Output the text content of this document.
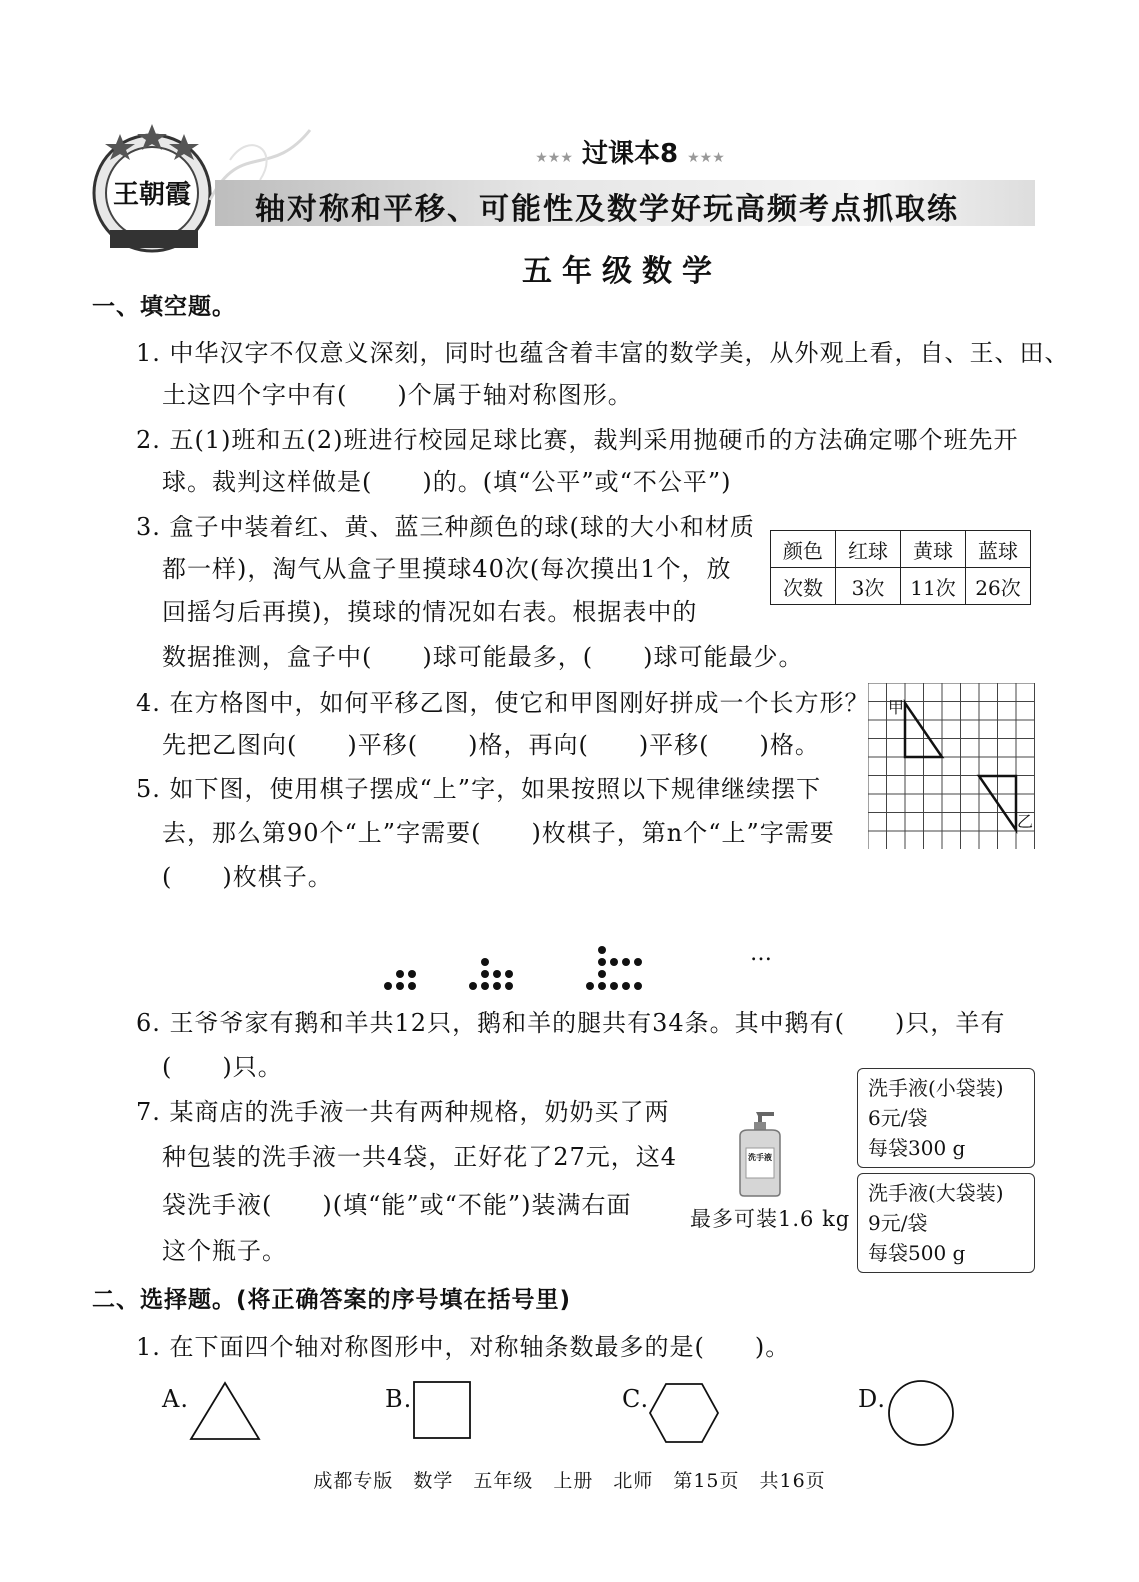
王朝霞
★★★ 过课本8 ★★★
轴对称和平移、可能性及数学好玩高频考点抓取练
五年级数学
一、填空题。
1. 中华汉字不仅意义深刻，同时也蕴含着丰富的数学美，从外观上看，自、王、田、
土这四个字中有(　　)个属于轴对称图形。
2. 五(1)班和五(2)班进行校园足球比赛，裁判采用抛硬币的方法确定哪个班先开
球。裁判这样做是(　　)的。(填“公平”或“不公平”)
3. 盒子中装着红、黄、蓝三种颜色的球(球的大小和材质
都一样)，淘气从盒子里摸球40次(每次摸出1个，放
回摇匀后再摸)，摸球的情况如右表。根据表中的
数据推测，盒子中(　　)球可能最多，(　　)球可能最少。
颜色	红球	黄球	蓝球
次数	3次	11次	26次
4. 在方格图中，如何平移乙图，使它和甲图刚好拼成一个长方形？
先把乙图向(　　)平移(　　)格，再向(　　)平移(　　)格。
甲
乙
5. 如下图，使用棋子摆成“上”字，如果按照以下规律继续摆下
去，那么第90个“上”字需要(　　)枚棋子，第n个“上”字需要
(　　)枚棋子。
…
6. 王爷爷家有鹅和羊共12只，鹅和羊的腿共有34条。其中鹅有(　　)只，羊有
(　　)只。
7. 某商店的洗手液一共有两种规格，奶奶买了两
种包装的洗手液一共4袋，正好花了27元，这4
袋洗手液(　　)(填“能”或“不能”)装满右面
这个瓶子。
洗手液
最多可装1.6 kg
洗手液(小袋装)
6元/袋
每袋300 g
洗手液(大袋装)
9元/袋
每袋500 g
二、选择题。(将正确答案的序号填在括号里)
1. 在下面四个轴对称图形中，对称轴条数最多的是(　　)。
A.	B.	C.	D.
成都专版　数学　五年级　上册　北师　第15页　共16页
